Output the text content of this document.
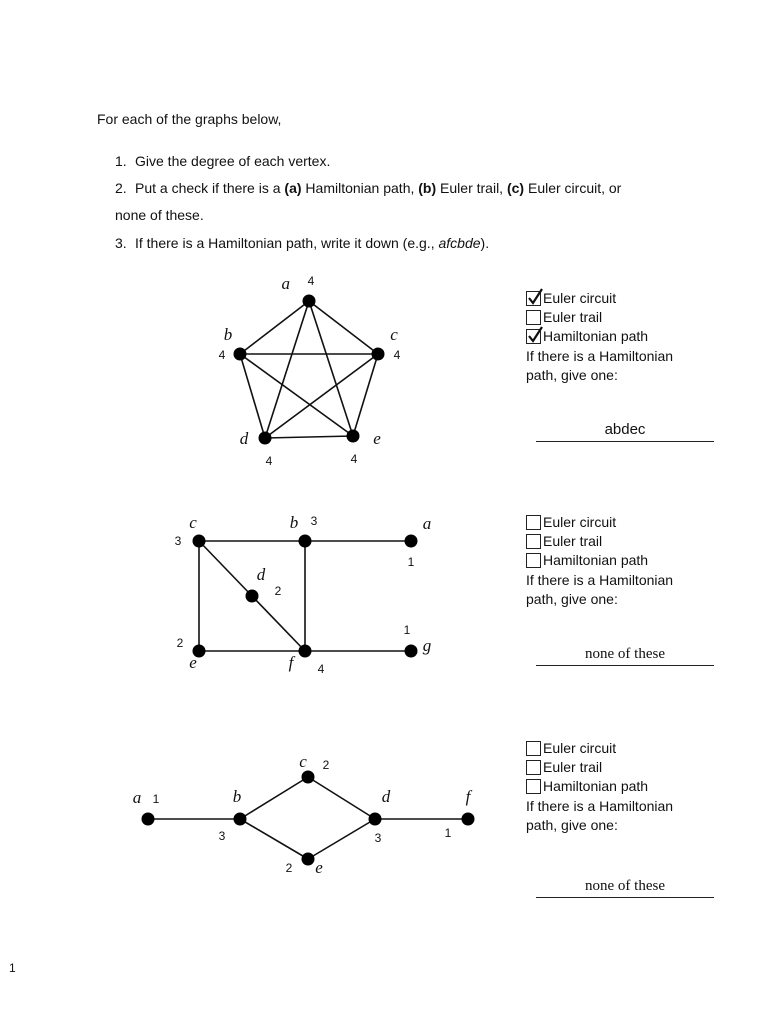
For each of the graphs below,
1. Give the degree of each vertex.
2. Put a check if there is a (a) Hamiltonian path, (b) Euler trail, (c) Euler circuit, or
none of these.
3. If there is a Hamiltonian path, write it down (e.g., afcbde).
a 4
b
4
c
4
d
4
e
4
a
1
b 3
c
3
d
2
e
2
f 4
g
1
a 1	b
3
c 2
d
3
e
2
f
1
Euler circuit
Euler trail
Hamiltonian path
If there is a Hamiltonian path, give one:
abdec
Euler circuit
Euler trail
Hamiltonian path
If there is a Hamiltonian path, give one:
none of these
Euler circuit
Euler trail
Hamiltonian path
If there is a Hamiltonian path, give one:
none of these
1
